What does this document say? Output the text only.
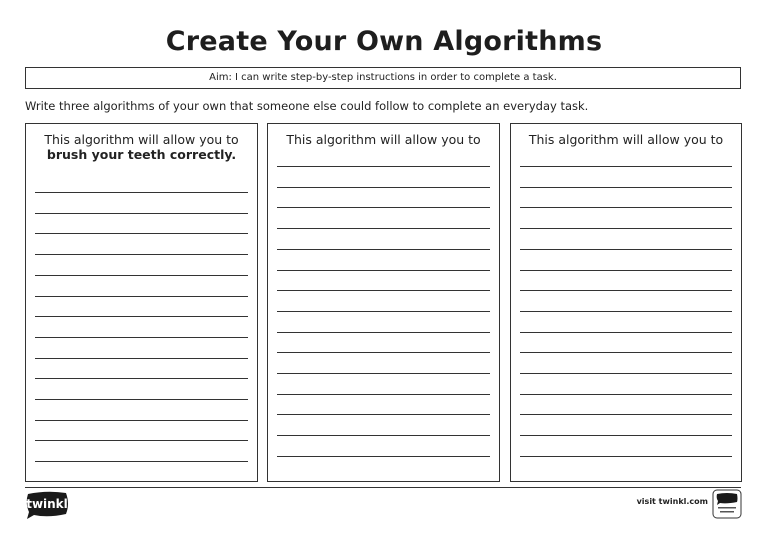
Create Your Own Algorithms
Aim: I can write step-by-step instructions in order to complete a task.
Write three algorithms of your own that someone else could follow to complete an everyday task.
This algorithm will allow you to
brush your teeth correctly.
This algorithm will allow you to	This algorithm will allow you to
twinkl	visit twinkl.com
